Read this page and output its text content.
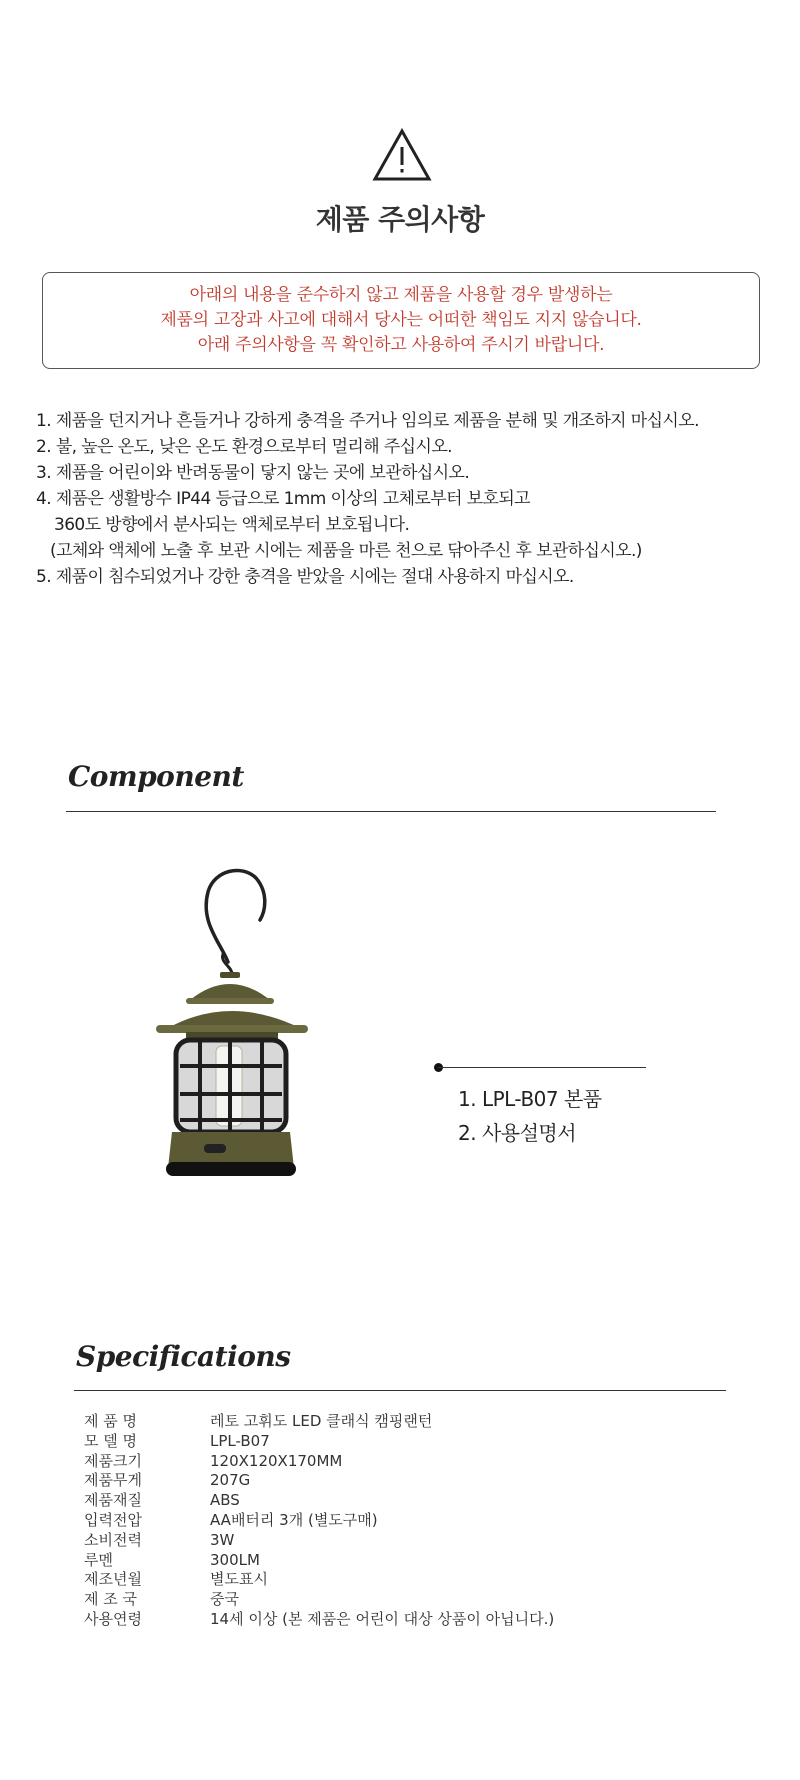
제품 주의사항

아래의 내용을 준수하지 않고 제품을 사용할 경우 발생하는

제품의 고장과 사고에 대해서 당사는 어떠한 책임도 지지 않습니다.

아래 주의사항을 꼭 확인하고 사용하여 주시기 바랍니다.

1. 제품을 던지거나 흔들거나 강하게 충격을 주거나 임의로 제품을 분해 및 개조하지 마십시오.

2. 불, 높은 온도, 낮은 온도 환경으로부터 멀리해 주십시오.

3. 제품을 어린이와 반려동물이 닿지 않는 곳에 보관하십시오.

4. 제품은 생활방수 IP44 등급으로 1mm 이상의 고체로부터 보호되고

360도 방향에서 분사되는 액체로부터 보호됩니다.

(고체와 액체에 노출 후 보관 시에는 제품을 마른 천으로 닦아주신 후 보관하십시오.)

5. 제품이 침수되었거나 강한 충격을 받았을 시에는 절대 사용하지 마십시오.

Component

1. LPL-B07 본품

2. 사용설명서

Specifications
제 품 명	레토 고휘도 LED 클래식 캠핑랜턴
모 델 명	LPL-B07
제품크기	120X120X170MM
제품무게	207G
제품재질	ABS
입력전압	AA배터리 3개 (별도구매)
소비전력	3W
루멘	300LM
제조년월	별도표시
제 조 국	중국
사용연령	14세 이상 (본 제품은 어린이 대상 상품이 아닙니다.)
